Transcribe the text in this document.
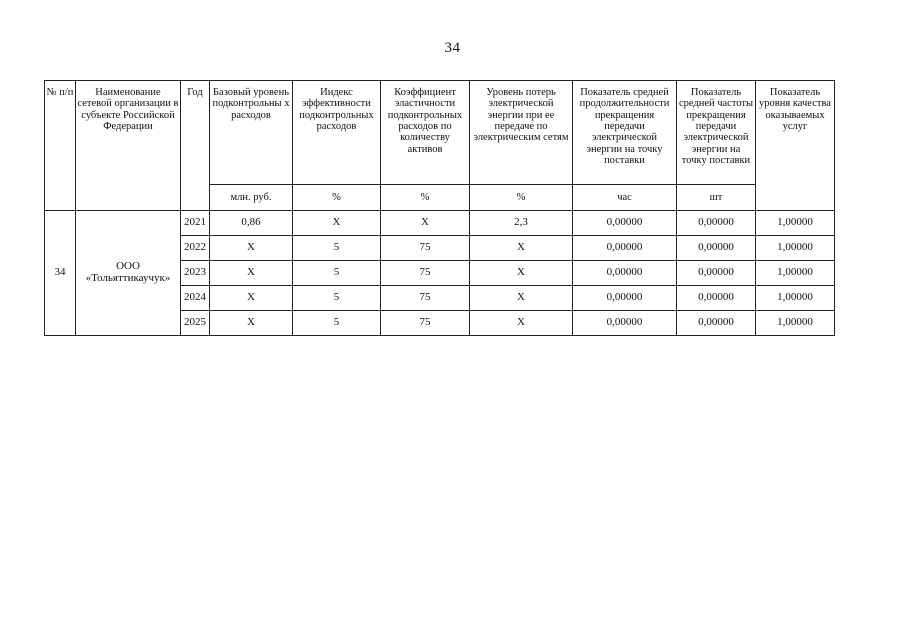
34
№ п/п	Наименование сетевой организации в субъекте Российской Федерации	Год	Базовый уровень подконтрольны х расходов	Индекс эффективности подконтрольных расходов	Коэффициент эластичности подконтрольных расходов по количеству активов	Уровень потерь электрической энергии при ее передаче по электрическим сетям	Показатель средней продолжительности прекращения передачи электрической энергии на точку поставки	Показатель средней частоты прекращения передачи электрической энергии на точку поставки	Показатель уровня качества оказываемых услуг
			млн. руб.	%	%	%	час	шт	
34	ООО «Тольяттикаучук»	2021	0,86	X	X	2,3	0,00000	0,00000	1,00000
		2022	X	5	75	X	0,00000	0,00000	1,00000
		2023	X	5	75	X	0,00000	0,00000	1,00000
		2024	X	5	75	X	0,00000	0,00000	1,00000
		2025	X	5	75	X	0,00000	0,00000	1,00000
